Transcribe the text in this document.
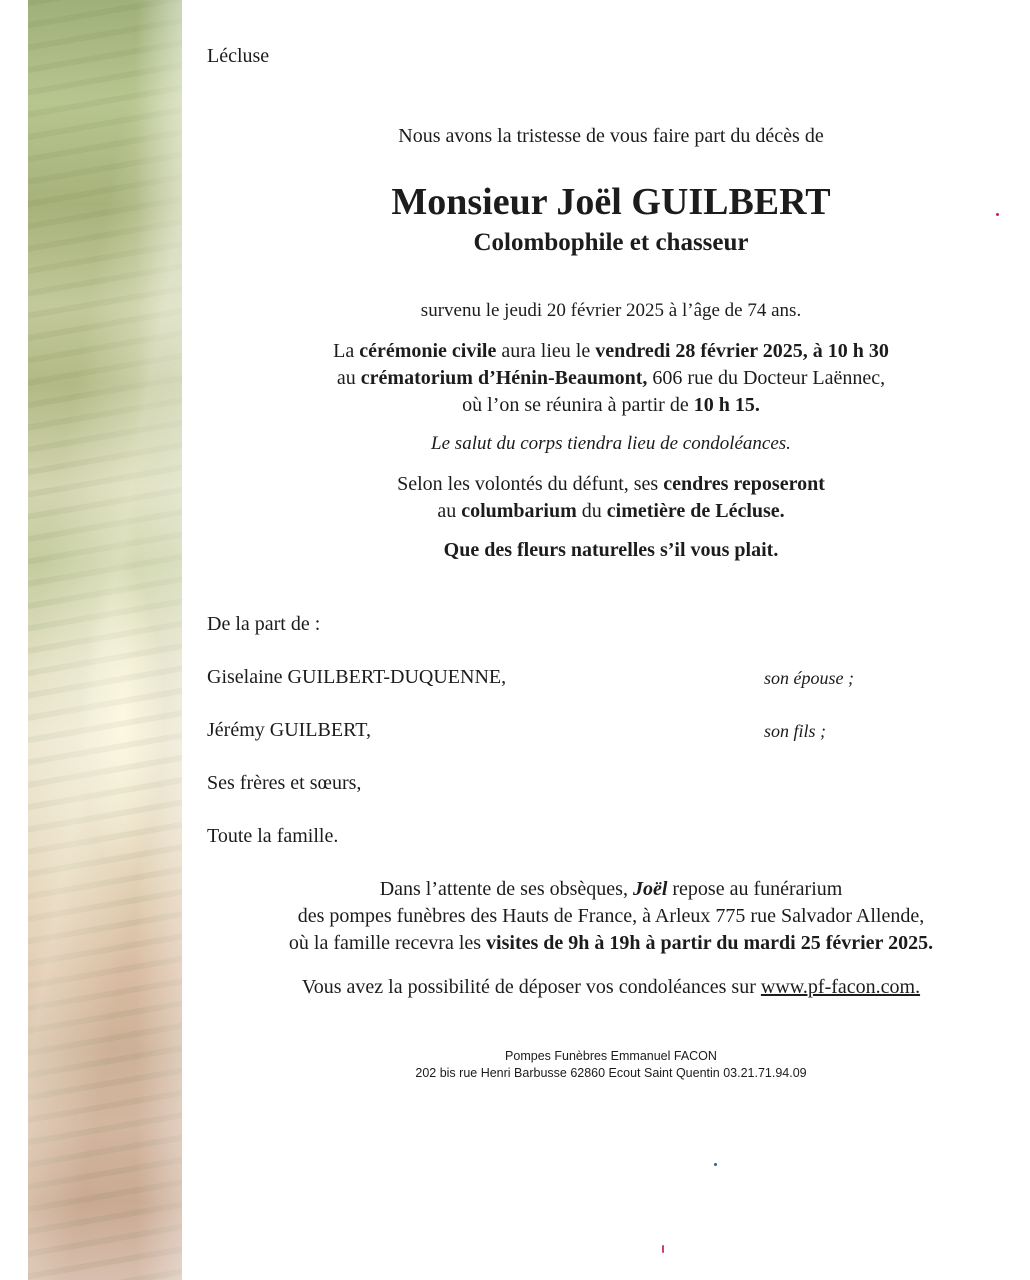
Lécluse
Nous avons la tristesse de vous faire part du décès de
Monsieur Joël GUILBERT
Colombophile et chasseur
survenu le jeudi 20 février 2025 à l’âge de 74 ans.
La cérémonie civile aura lieu le vendredi 28 février 2025, à 10 h 30
au crématorium d’Hénin-Beaumont, 606 rue du Docteur Laënnec,
où l’on se réunira à partir de 10 h 15.
Le salut du corps tiendra lieu de condoléances.
Selon les volontés du défunt, ses cendres reposeront
au columbarium du cimetière de Lécluse.
Que des fleurs naturelles s’il vous plait.
De la part de :
Giselaine GUILBERT-DUQUENNE,	son épouse ;
Jérémy GUILBERT,	son fils ;
Ses frères et sœurs,
Toute la famille.
Dans l’attente de ses obsèques, Joël repose au funérarium
des pompes funèbres des Hauts de France, à Arleux 775 rue Salvador Allende,
où la famille recevra les visites de 9h à 19h à partir du mardi 25 février 2025.
Vous avez la possibilité de déposer vos condoléances sur www.pf-facon.com.
Pompes Funèbres Emmanuel FACON
202 bis rue Henri Barbusse 62860 Ecout Saint Quentin 03.21.71.94.09
